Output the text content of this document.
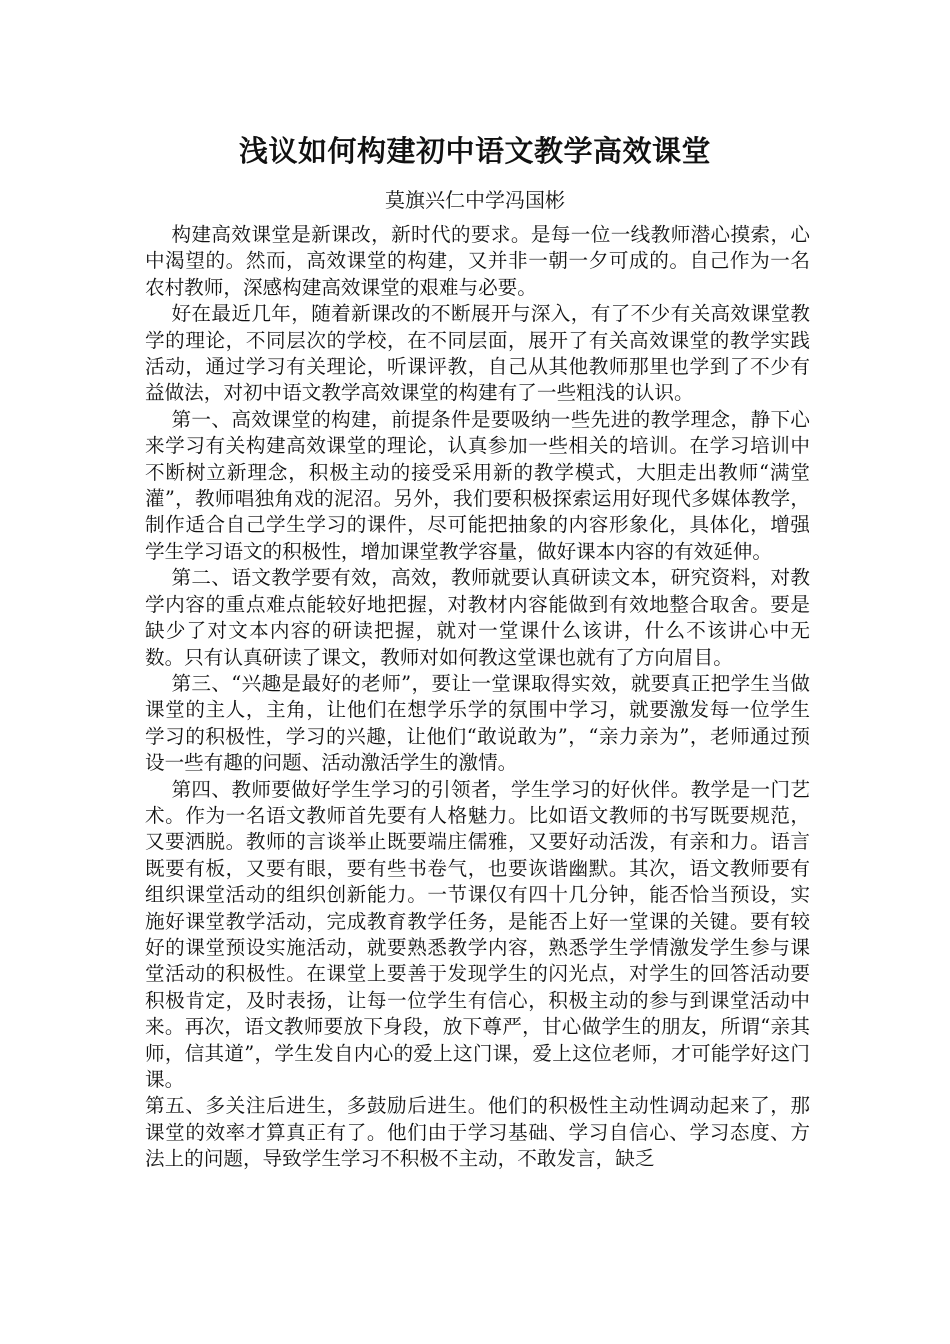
浅议如何构建初中语文教学高效课堂

莫旗兴仁中学冯国彬

构建高效课堂是新课改，新时代的要求。是每一位一线教师潜心摸索，心中渴望的。然而，高效课堂的构建，又并非一朝一夕可成的。自己作为一名农村教师，深感构建高效课堂的艰难与必要。

好在最近几年，随着新课改的不断展开与深入，有了不少有关高效课堂教学的理论，不同层次的学校，在不同层面，展开了有关高效课堂的教学实践活动，通过学习有关理论，听课评教，自己从其他教师那里也学到了不少有益做法，对初中语文教学高效课堂的构建有了一些粗浅的认识。

第一、高效课堂的构建，前提条件是要吸纳一些先进的教学理念，静下心来学习有关构建高效课堂的理论，认真参加一些相关的培训。在学习培训中不断树立新理念，积极主动的接受采用新的教学模式，大胆走出教师“满堂灌”，教师唱独角戏的泥沼。另外，我们要积极探索运用好现代多媒体教学，制作适合自己学生学习的课件，尽可能把抽象的内容形象化，具体化，增强学生学习语文的积极性，增加课堂教学容量，做好课本内容的有效延伸。

第二、语文教学要有效，高效，教师就要认真研读文本，研究资料，对教学内容的重点难点能较好地把握，对教材内容能做到有效地整合取舍。要是缺少了对文本内容的研读把握，就对一堂课什么该讲，什么不该讲心中无数。只有认真研读了课文，教师对如何教这堂课也就有了方向眉目。

第三、“兴趣是最好的老师”，要让一堂课取得实效，就要真正把学生当做课堂的主人，主角，让他们在想学乐学的氛围中学习，就要激发每一位学生学习的积极性，学习的兴趣，让他们“敢说敢为”，“亲力亲为”，老师通过预设一些有趣的问题、活动激活学生的激情。

第四、教师要做好学生学习的引领者，学生学习的好伙伴。教学是一门艺术。作为一名语文教师首先要有人格魅力。比如语文教师的书写既要规范，又要洒脱。教师的言谈举止既要端庄儒雅，又要好动活泼，有亲和力。语言既要有板，又要有眼，要有些书卷气，也要诙谐幽默。其次，语文教师要有组织课堂活动的组织创新能力。一节课仅有四十几分钟，能否恰当预设，实施好课堂教学活动，完成教育教学任务，是能否上好一堂课的关键。要有较好的课堂预设实施活动，就要熟悉教学内容，熟悉学生学情激发学生参与课堂活动的积极性。在课堂上要善于发现学生的闪光点，对学生的回答活动要积极肯定，及时表扬，让每一位学生有信心，积极主动的参与到课堂活动中来。再次，语文教师要放下身段，放下尊严，甘心做学生的朋友，所谓“亲其师，信其道”，学生发自内心的爱上这门课，爱上这位老师，才可能学好这门课。

第五、多关注后进生，多鼓励后进生。他们的积极性主动性调动起来了，那课堂的效率才算真正有了。他们由于学习基础、学习自信心、学习态度、方法上的问题，导致学生学习不积极不主动，不敢发言，缺乏
